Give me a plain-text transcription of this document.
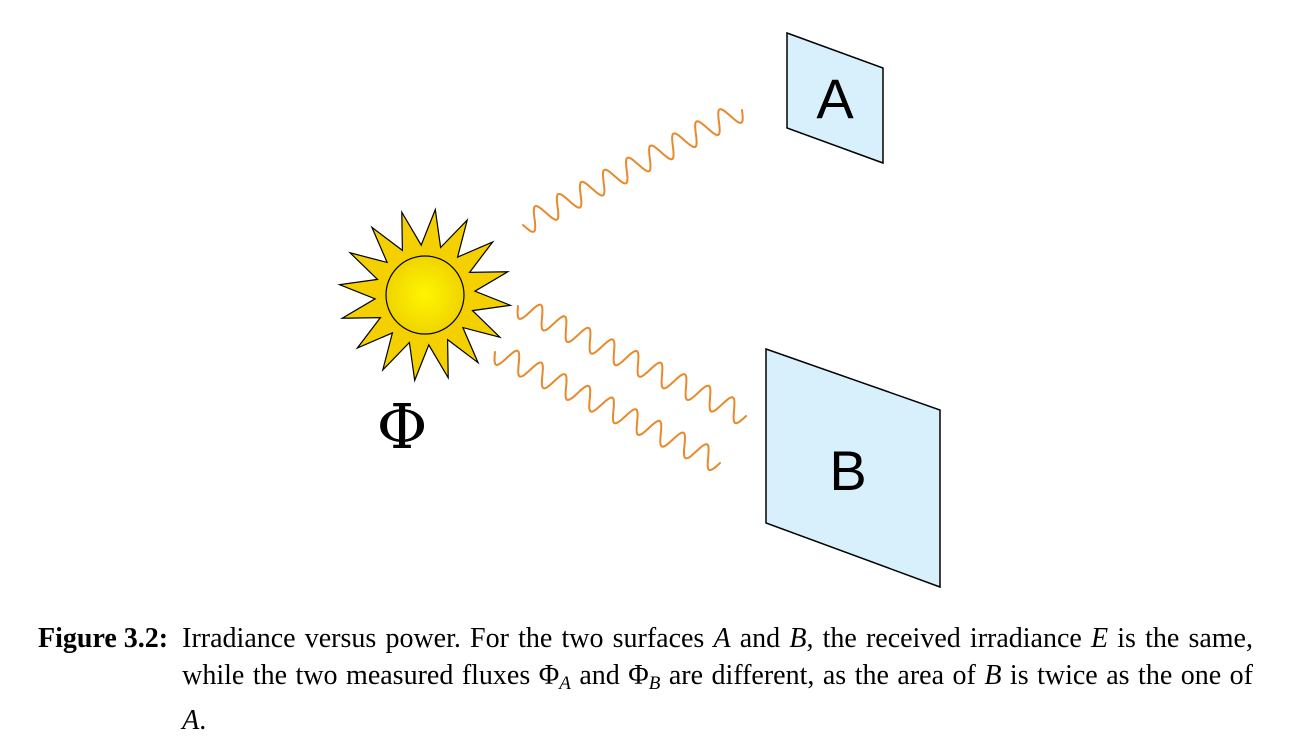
Φ
A
B
Figure 3.2: Irradiance versus power. For the two surfaces A and B, the received irradiance E is the same, while the two measured fluxes $\Phi_A$ and $\Phi_B$ are different, as the area of B is twice as the one of A.
